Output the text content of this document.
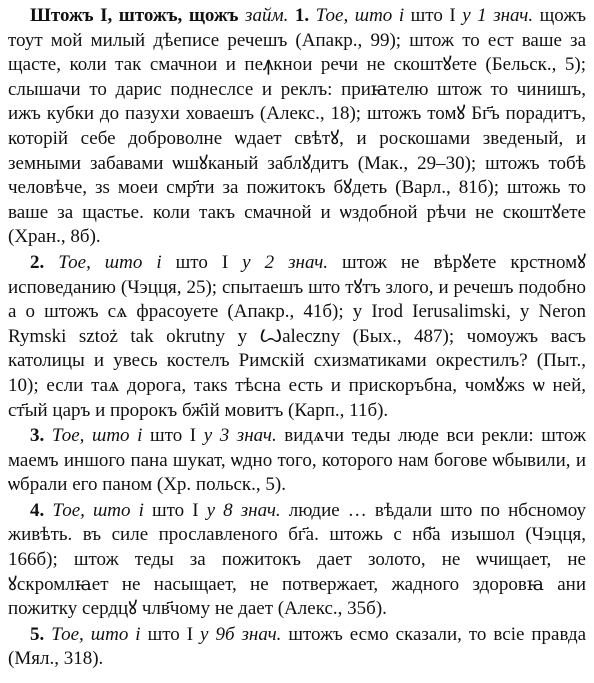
Штожъ I, штожъ, щожъ займ. 1. Тое, што і што I у 1 знач. щожъ тоут мой милый дѣеписе речешъ (Апакр., 99); штож то ест ваше за щасте, коли так смачнои и пеꙟкнои речи не скоштꙋете (Бельск., 5); слышачи то дарис поднеслсе и реклъ: приꙗтелю штож то чинишъ, ижъ кубки до пазухи ховаешъ (Алекс., 18); штожъ томꙋ Бг҃ъ порадитъ, которій себе доброволне ѡдает свѣтꙋ, и роскошами зведеный, и земными забавами ѡшꙋканый заблꙋдитъ (Мак., 29–30); штожъ тобѣ человѣче, зѕ моеи смр҃ти за пожитокъ бꙋдеть (Варл., 81б); штожь то ваше за щастье. коли такъ смачной и ѡздобной рѣчи не скоштꙋете (Хран., 8б).

2. Тое, што і што I у 2 знач. штож не вѣрꙋете крстномꙋ исповеданию (Чэцця, 25); спытаешъ што тꙋтъ злого, и речешъ подобно а о штожъ сѧ фрасоуете (Апакр., 41б); у Irod Ierusalimski, у Neron Rymski sztoż tak okrutny y Ꙍaleczny (Бых., 487); чомоужъ васъ католицы и увесь костелъ Римскій схизматиками окрестилъ? (Пыт., 10); если таѧ дорога, такѕ тѣсна есть и прискоръбна, чомꙋжѕ ѡ ней, ст҃ый царъ и пророкъ бж҃ій мовитъ (Карп., 11б).

3. Тое, што і што I у 3 знач. видѧчи теды люде вси рекли: штож маемъ иншого пана шукат, ѡдно того, которого нам богове ѡбывили, и ѡбрали его паном (Хр. польск., 5).

4. Тое, што і што I у 8 знач. людие … вѣдали што по нбсномоу живѣть. въ силе прославленого бг҃а. штожь с нб҃а изышол (Чэцця, 166б); штож теды за пожитокъ дает золото, не ѡчищает, не ꙋскромлꙗет не насыщает, не потвержает, жадного здоровꙗ ани пожитку сердцꙋ члв҃чому не дает (Алекс., 35б).

5. Тое, што і што I у 9б знач. штожъ есмо сказали, то всіе правда (Мял., 318).
